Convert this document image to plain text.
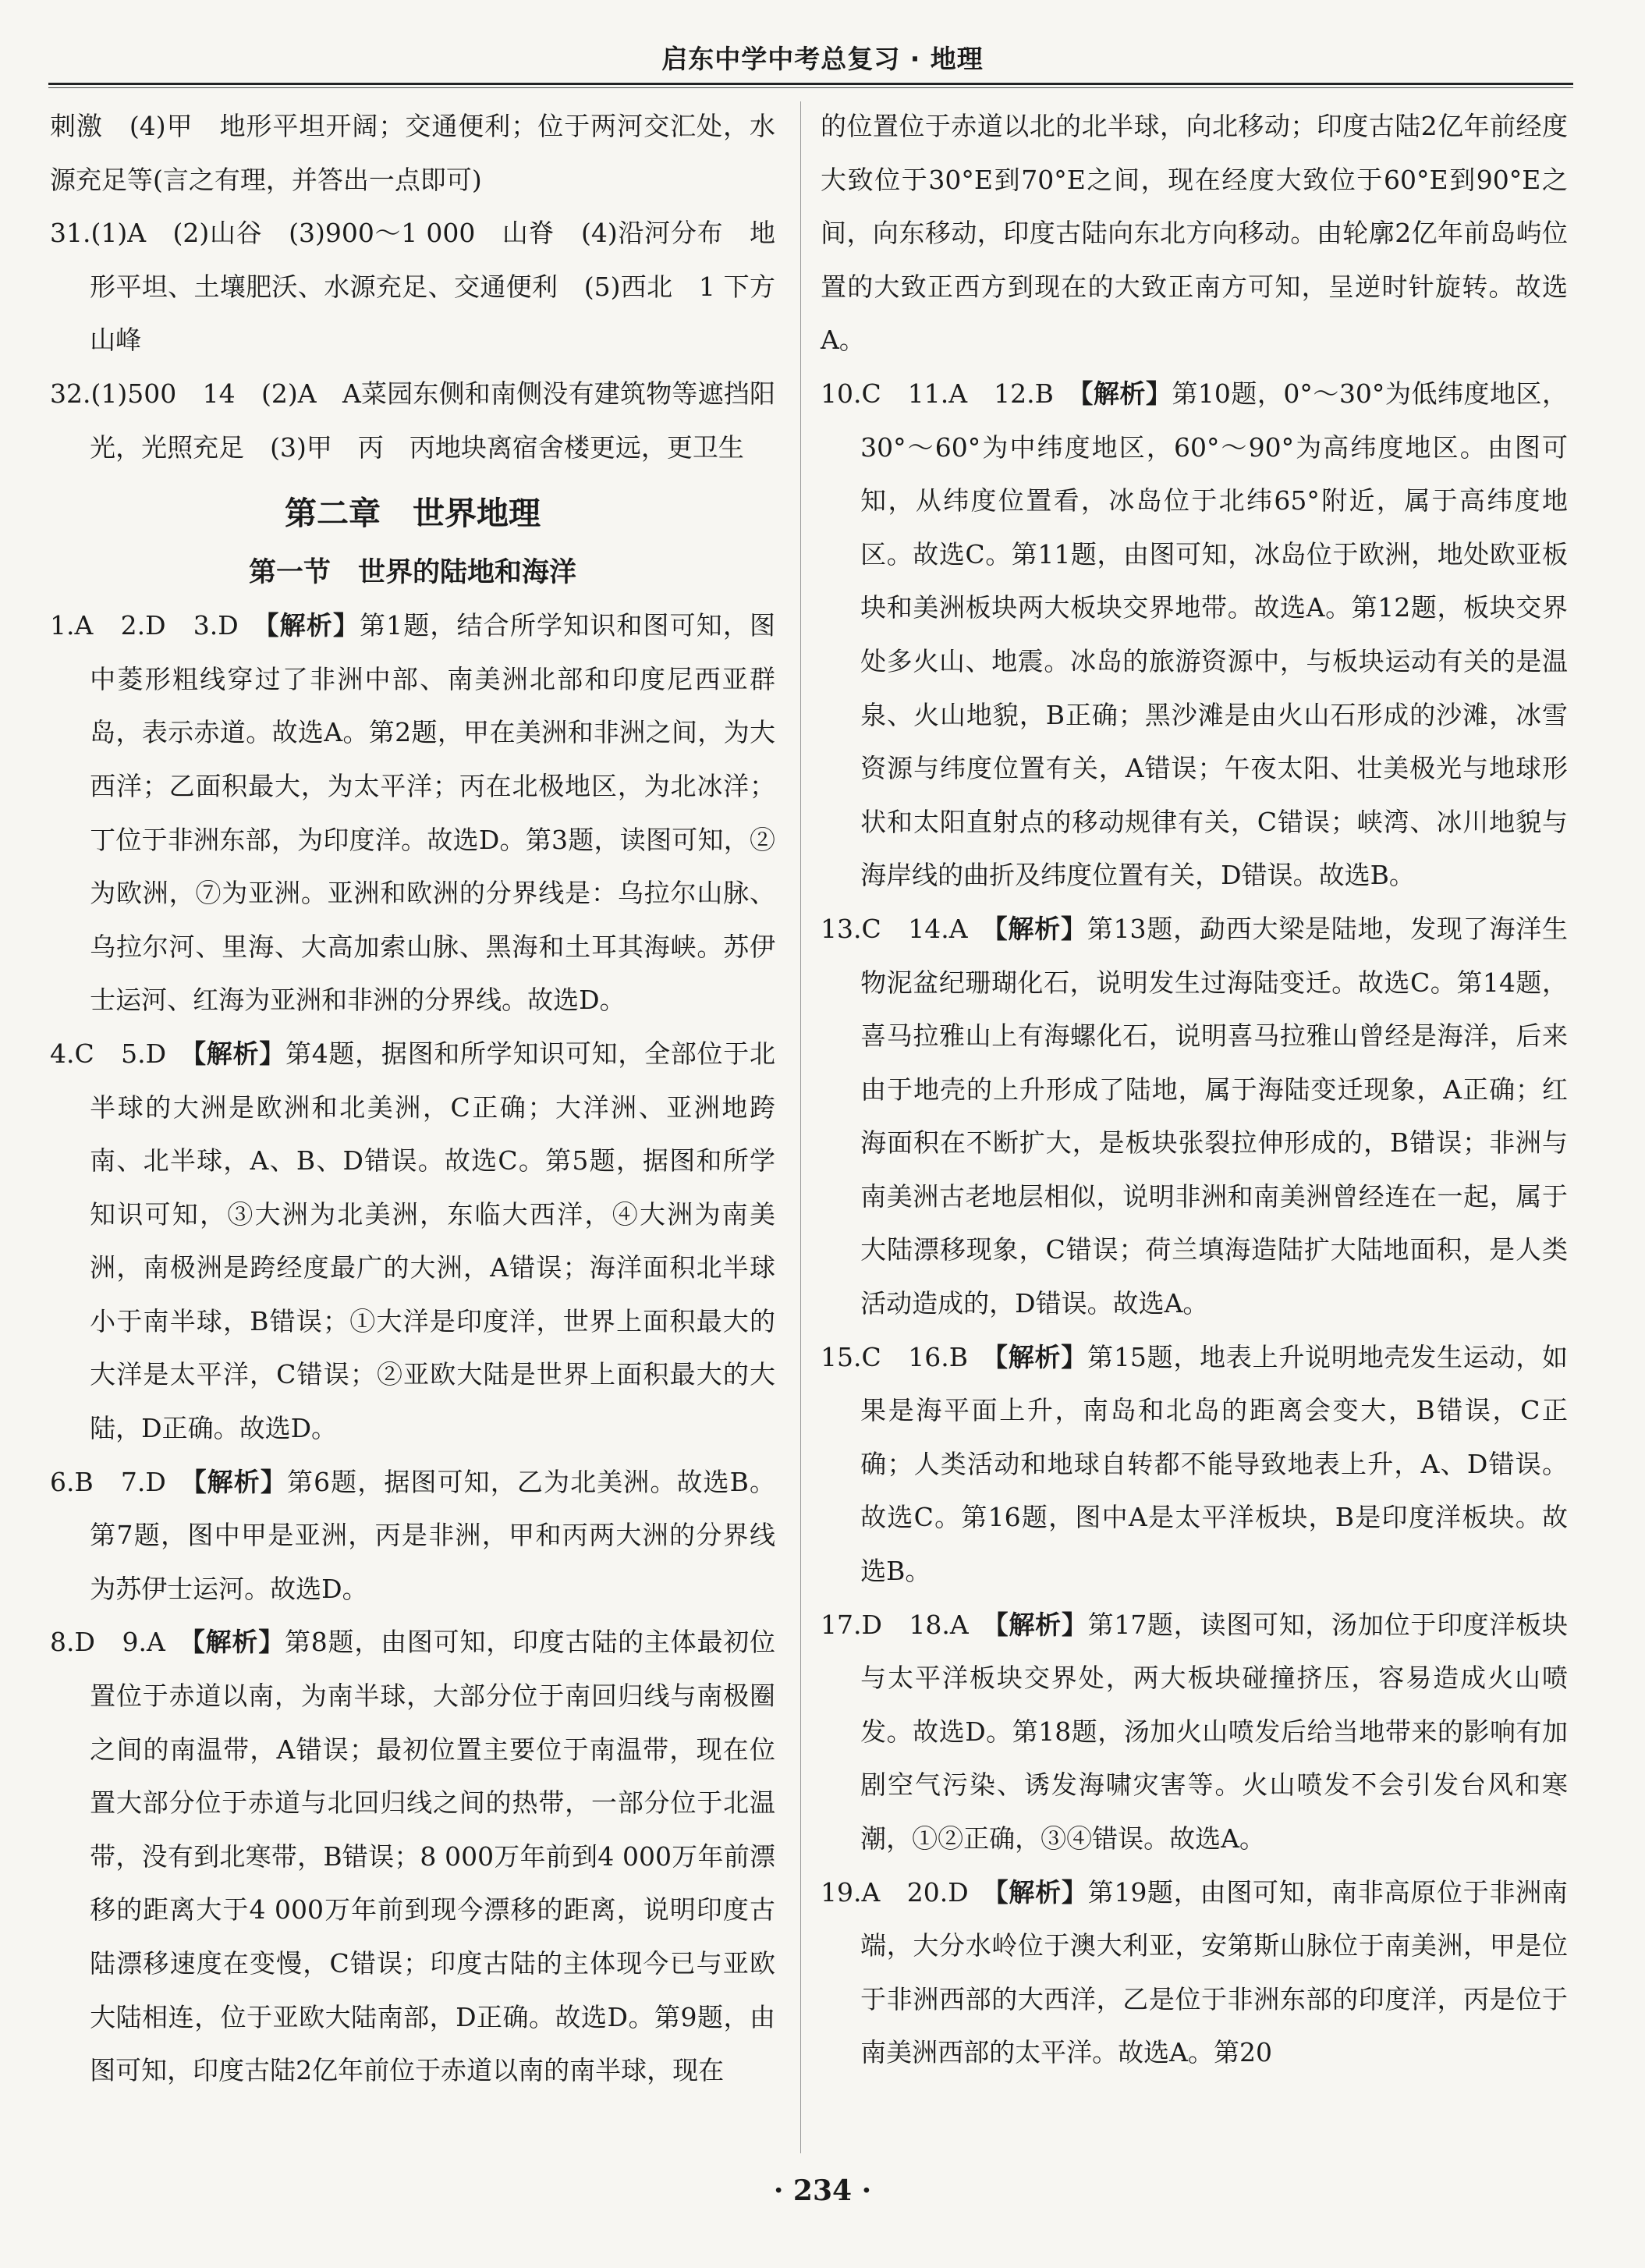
启东中学中考总复习 · 地理
刺激　(4)甲　地形平坦开阔；交通便利；位于两河交汇处，水源充足等(言之有理，并答出一点即可)
31.(1)A　(2)山谷　(3)900～1 000　山脊　(4)沿河分布　地形平坦、土壤肥沃、水源充足、交通便利　(5)西北　1 下方山峰
32.(1)500　14　(2)A　A菜园东侧和南侧没有建筑物等遮挡阳光，光照充足　(3)甲　丙　丙地块离宿舍楼更远，更卫生
第二章　世界地理
第一节　世界的陆地和海洋
1.A　2.D　3.D　【解析】第1题，结合所学知识和图可知，图中菱形粗线穿过了非洲中部、南美洲北部和印度尼西亚群岛，表示赤道。故选A。第2题，甲在美洲和非洲之间，为大西洋；乙面积最大，为太平洋；丙在北极地区，为北冰洋；丁位于非洲东部，为印度洋。故选D。第3题，读图可知，②为欧洲，⑦为亚洲。亚洲和欧洲的分界线是：乌拉尔山脉、乌拉尔河、里海、大高加索山脉、黑海和土耳其海峡。苏伊士运河、红海为亚洲和非洲的分界线。故选D。
4.C　5.D　【解析】第4题，据图和所学知识可知，全部位于北半球的大洲是欧洲和北美洲，C正确；大洋洲、亚洲地跨南、北半球，A、B、D错误。故选C。第5题，据图和所学知识可知，③大洲为北美洲，东临大西洋，④大洲为南美洲，南极洲是跨经度最广的大洲，A错误；海洋面积北半球小于南半球，B错误；①大洋是印度洋，世界上面积最大的大洋是太平洋，C错误；②亚欧大陆是世界上面积最大的大陆，D正确。故选D。
6.B　7.D　【解析】第6题，据图可知，乙为北美洲。故选B。第7题，图中甲是亚洲，丙是非洲，甲和丙两大洲的分界线为苏伊士运河。故选D。
8.D　9.A　【解析】第8题，由图可知，印度古陆的主体最初位置位于赤道以南，为南半球，大部分位于南回归线与南极圈之间的南温带，A错误；最初位置主要位于南温带，现在位置大部分位于赤道与北回归线之间的热带，一部分位于北温带，没有到北寒带，B错误；8 000万年前到4 000万年前漂移的距离大于4 000万年前到现今漂移的距离，说明印度古陆漂移速度在变慢，C错误；印度古陆的主体现今已与亚欧大陆相连，位于亚欧大陆南部，D正确。故选D。第9题，由图可知，印度古陆2亿年前位于赤道以南的南半球，现在
的位置位于赤道以北的北半球，向北移动；印度古陆2亿年前经度大致位于30°E到70°E之间，现在经度大致位于60°E到90°E之间，向东移动，印度古陆向东北方向移动。由轮廓2亿年前岛屿位置的大致正西方到现在的大致正南方可知，呈逆时针旋转。故选A。
10.C　11.A　12.B　【解析】第10题，0°～30°为低纬度地区，30°～60°为中纬度地区，60°～90°为高纬度地区。由图可知，从纬度位置看，冰岛位于北纬65°附近，属于高纬度地区。故选C。第11题，由图可知，冰岛位于欧洲，地处欧亚板块和美洲板块两大板块交界地带。故选A。第12题，板块交界处多火山、地震。冰岛的旅游资源中，与板块运动有关的是温泉、火山地貌，B正确；黑沙滩是由火山石形成的沙滩，冰雪资源与纬度位置有关，A错误；午夜太阳、壮美极光与地球形状和太阳直射点的移动规律有关，C错误；峡湾、冰川地貌与海岸线的曲折及纬度位置有关，D错误。故选B。
13.C　14.A　【解析】第13题，勐西大梁是陆地，发现了海洋生物泥盆纪珊瑚化石，说明发生过海陆变迁。故选C。第14题，喜马拉雅山上有海螺化石，说明喜马拉雅山曾经是海洋，后来由于地壳的上升形成了陆地，属于海陆变迁现象，A正确；红海面积在不断扩大，是板块张裂拉伸形成的，B错误；非洲与南美洲古老地层相似，说明非洲和南美洲曾经连在一起，属于大陆漂移现象，C错误；荷兰填海造陆扩大陆地面积，是人类活动造成的，D错误。故选A。
15.C　16.B　【解析】第15题，地表上升说明地壳发生运动，如果是海平面上升，南岛和北岛的距离会变大，B错误，C正确；人类活动和地球自转都不能导致地表上升，A、D错误。故选C。第16题，图中A是太平洋板块，B是印度洋板块。故选B。
17.D　18.A　【解析】第17题，读图可知，汤加位于印度洋板块与太平洋板块交界处，两大板块碰撞挤压，容易造成火山喷发。故选D。第18题，汤加火山喷发后给当地带来的影响有加剧空气污染、诱发海啸灾害等。火山喷发不会引发台风和寒潮，①②正确，③④错误。故选A。
19.A　20.D　【解析】第19题，由图可知，南非高原位于非洲南端，大分水岭位于澳大利亚，安第斯山脉位于南美洲，甲是位于非洲西部的大西洋，乙是位于非洲东部的印度洋，丙是位于南美洲西部的太平洋。故选A。第20
· 234 ·
